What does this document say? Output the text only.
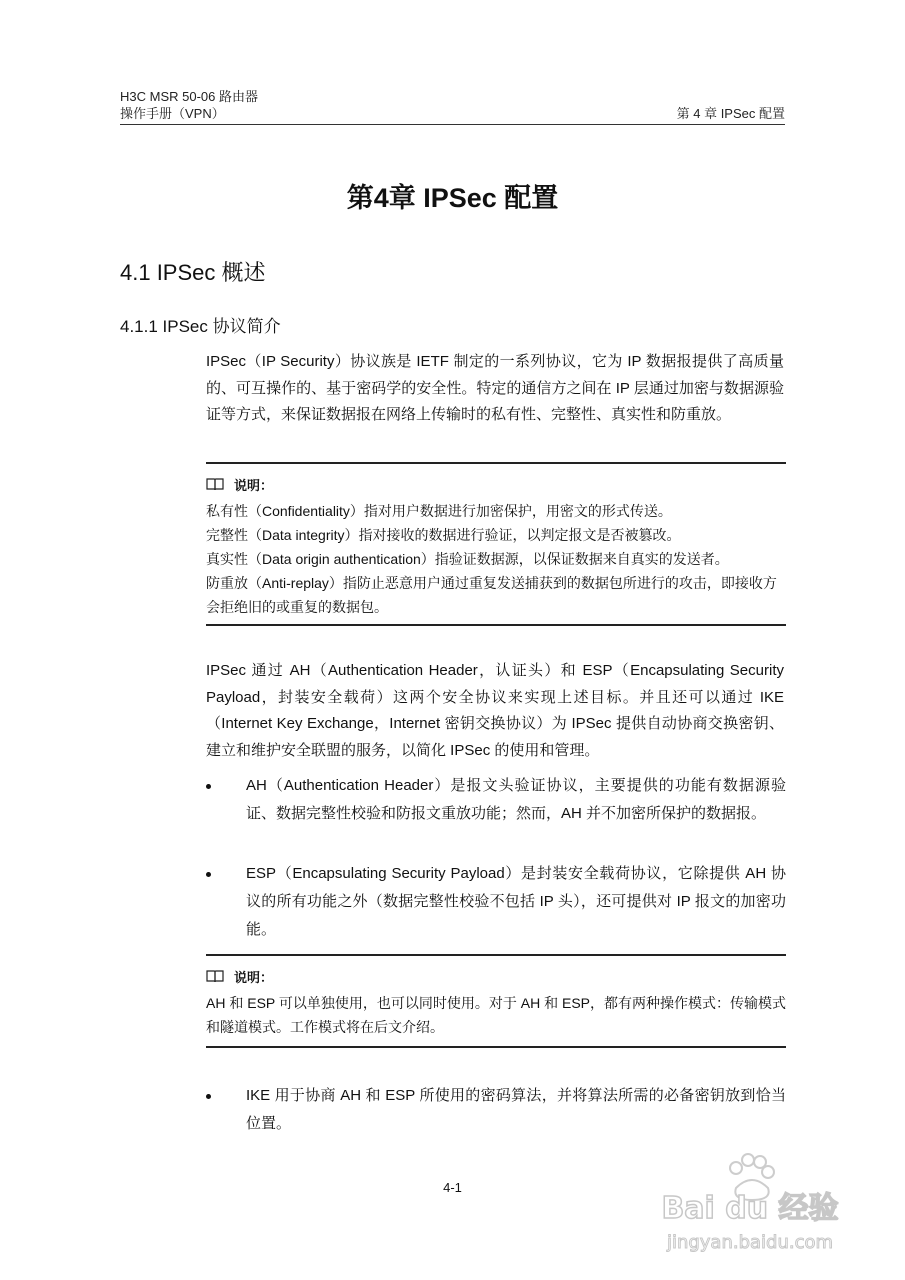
H3C MSR 50-06 路由器
操作手册（VPN）	第 4 章 IPSec 配置
第4章 IPSec 配置
4.1 IPSec 概述
4.1.1 IPSec 协议简介
IPSec（IP Security）协议族是 IETF 制定的一系列协议，它为 IP 数据报提供了高质量的、可互操作的、基于密码学的安全性。特定的通信方之间在 IP 层通过加密与数据源验证等方式，来保证数据报在网络上传输时的私有性、完整性、真实性和防重放。
说明：
私有性（Confidentiality）指对用户数据进行加密保护，用密文的形式传送。
完整性（Data integrity）指对接收的数据进行验证，以判定报文是否被篡改。
真实性（Data origin authentication）指验证数据源，以保证数据来自真实的发送者。
防重放（Anti-replay）指防止恶意用户通过重复发送捕获到的数据包所进行的攻击，即接收方会拒绝旧的或重复的数据包。
IPSec 通过 AH（Authentication Header，认证头）和 ESP（Encapsulating Security Payload，封装安全载荷）这两个安全协议来实现上述目标。并且还可以通过 IKE（Internet Key Exchange，Internet 密钥交换协议）为 IPSec 提供自动协商交换密钥、建立和维护安全联盟的服务，以简化 IPSec 的使用和管理。
AH（Authentication Header）是报文头验证协议，主要提供的功能有数据源验证、数据完整性校验和防报文重放功能；然而，AH 并不加密所保护的数据报。
ESP（Encapsulating Security Payload）是封装安全载荷协议，它除提供 AH 协议的所有功能之外（数据完整性校验不包括 IP 头），还可提供对 IP 报文的加密功能。
说明：
AH 和 ESP 可以单独使用，也可以同时使用。对于 AH 和 ESP，都有两种操作模式：传输模式和隧道模式。工作模式将在后文介绍。
IKE 用于协商 AH 和 ESP 所使用的密码算法，并将算法所需的必备密钥放到恰当位置。
4-1
Bai du 经验
jingyan.baidu.com
